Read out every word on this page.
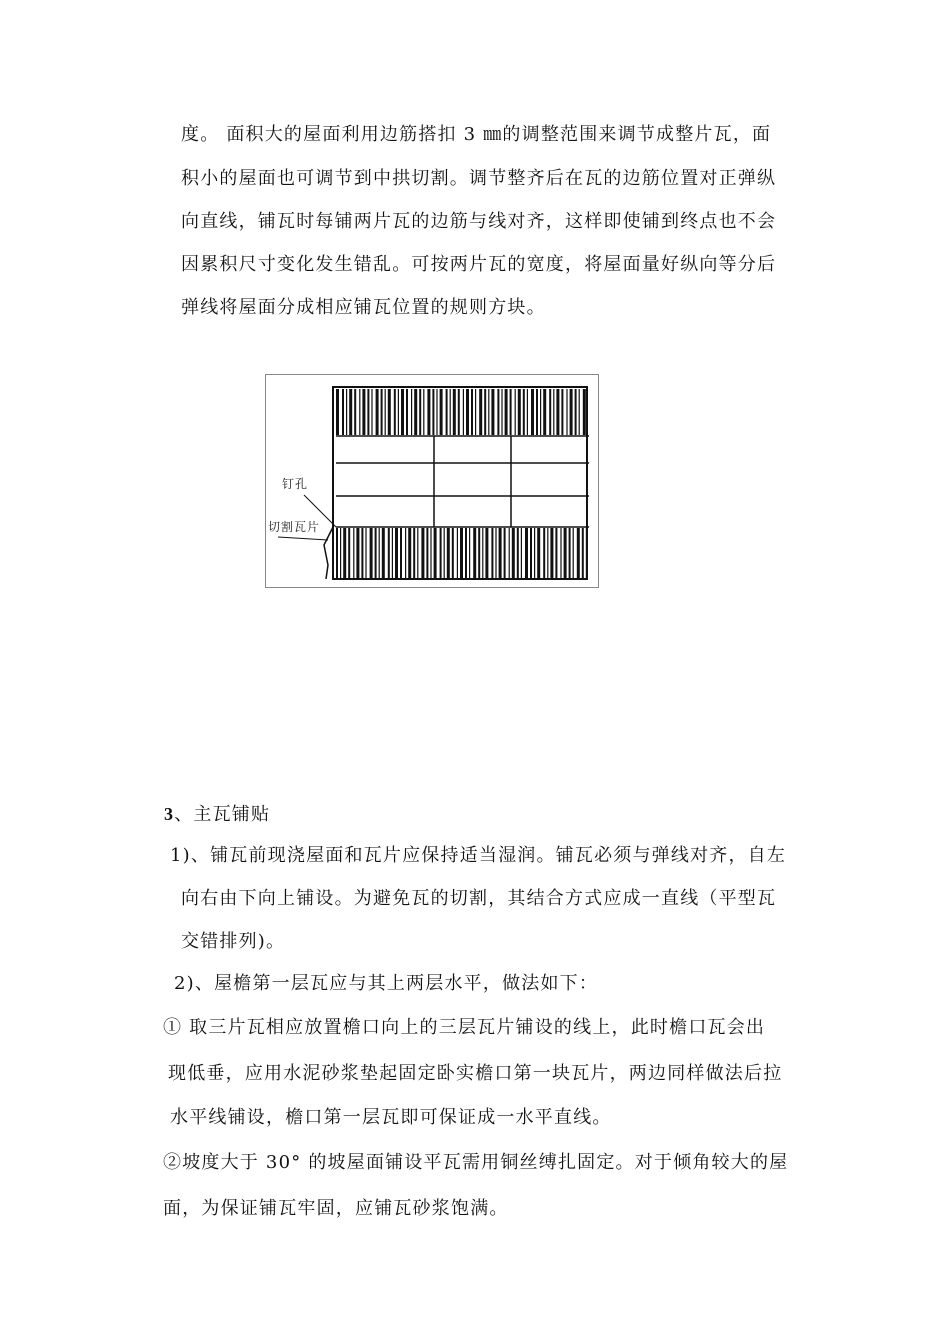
度。 面积大的屋面利用边筋搭扣 3 ㎜的调整范围来调节成整片瓦，面
积小的屋面也可调节到中拱切割。调节整齐后在瓦的边筋位置对正弹纵
向直线，铺瓦时每铺两片瓦的边筋与线对齐，这样即使铺到终点也不会
因累积尺寸变化发生错乱。可按两片瓦的宽度，将屋面量好纵向等分后
弹线将屋面分成相应铺瓦位置的规则方块。
钉孔
切割瓦片
3、主瓦铺贴
1)、铺瓦前现浇屋面和瓦片应保持适当湿润。铺瓦必须与弹线对齐，自左
向右由下向上铺设。为避免瓦的切割，其结合方式应成一直线（平型瓦
交错排列)。
2)、屋檐第一层瓦应与其上两层水平，做法如下：
① 取三片瓦相应放置檐口向上的三层瓦片铺设的线上，此时檐口瓦会出
现低垂，应用水泥砂浆垫起固定卧实檐口第一块瓦片，两边同样做法后拉
水平线铺设，檐口第一层瓦即可保证成一水平直线。
②坡度大于 30° 的坡屋面铺设平瓦需用铜丝缚扎固定。对于倾角较大的屋
面，为保证铺瓦牢固，应铺瓦砂浆饱满。
